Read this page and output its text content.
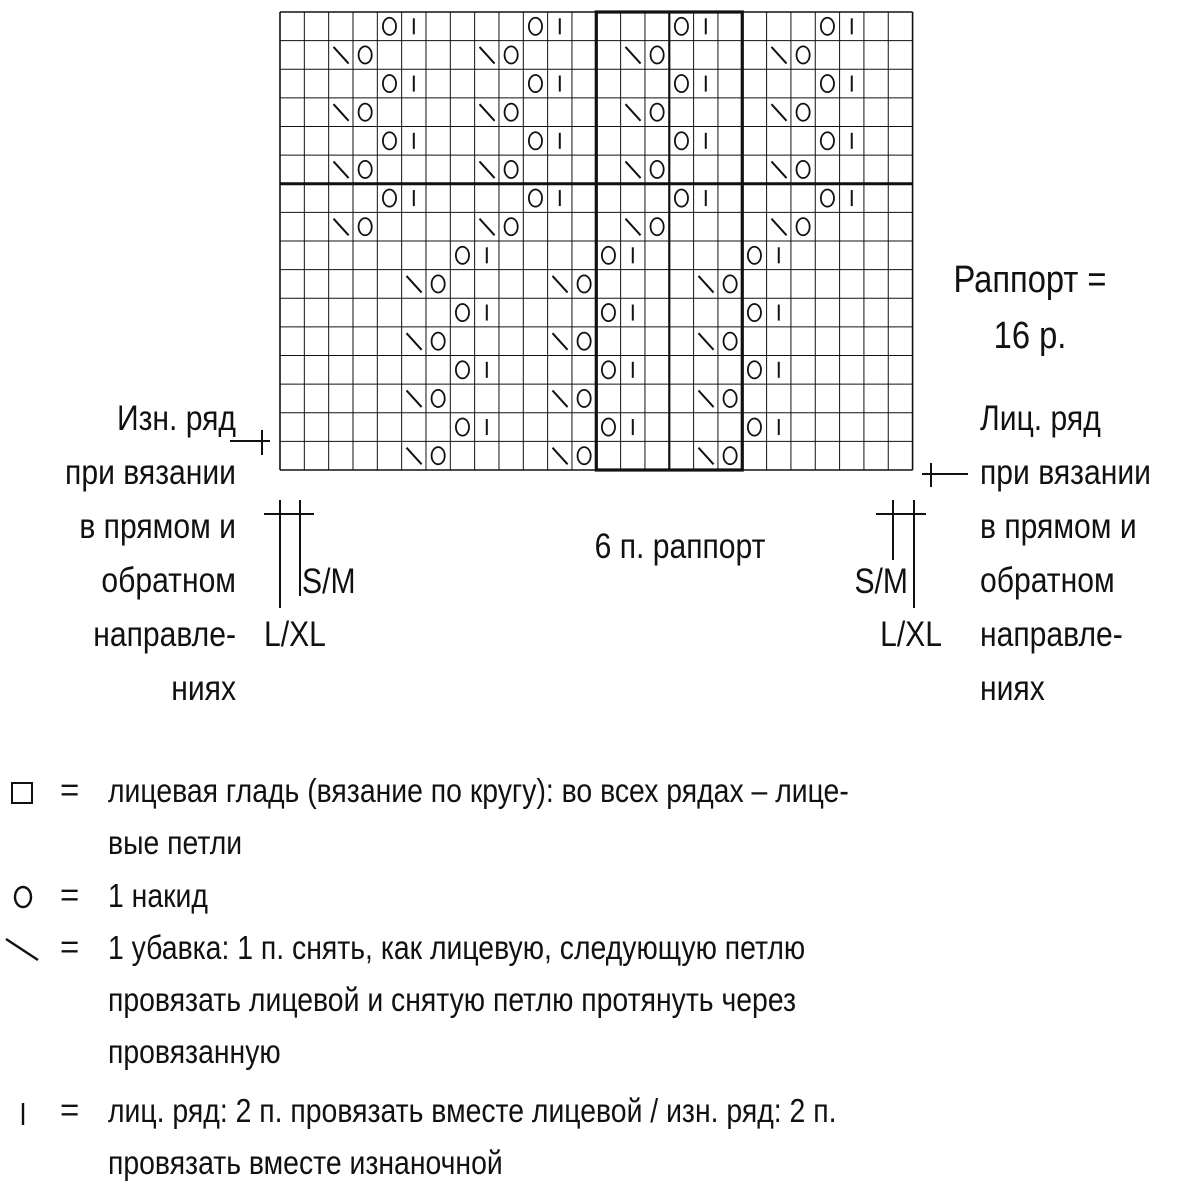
Раппорт =
16 р.
Изн. ряд
при вязании
в прямом и
обратном
направле-
ниях
Лиц. ряд
при вязании
в прямом и
обратном
направле-
ниях
6 п. раппорт
S/M
L/XL
S/M
L/XL
= лицевая гладь (вязание по кругу): во всех рядах – лице-
вые петли
= 1 накид
= 1 убавка: 1 п. снять, как лицевую, следующую петлю
провязать лицевой и снятую петлю протянуть через
провязанную
= лиц. ряд: 2 п. провязать вместе лицевой / изн. ряд: 2 п.
провязать вместе изнаночной
